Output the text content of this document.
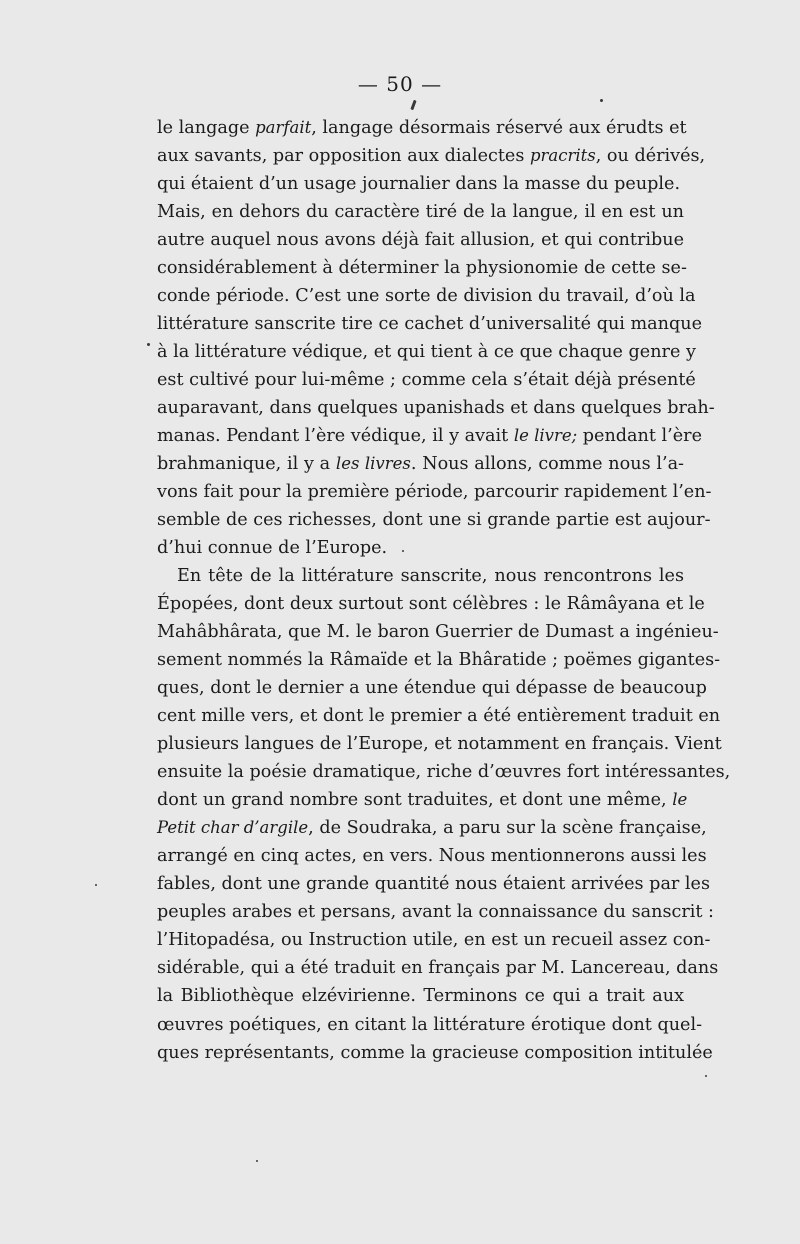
— 50 —
le langage parfait, langage désormais réservé aux érudts et
aux savants, par opposition aux dialectes pracrits, ou dérivés,
qui étaient d’un usage journalier dans la masse du peuple.
Mais, en dehors du caractère tiré de la langue, il en est un
autre auquel nous avons déjà fait allusion, et qui contribue
considérablement à déterminer la physionomie de cette se-
conde période. C’est une sorte de division du travail, d’où la
littérature sanscrite tire ce cachet d’universalité qui manque
à la littérature védique, et qui tient à ce que chaque genre y
est cultivé pour lui-même ; comme cela s’était déjà présenté
auparavant, dans quelques upanishads et dans quelques brah-
manas. Pendant l’ère védique, il y avait le livre; pendant l’ère
brahmanique, il y a les livres. Nous allons, comme nous l’a-
vons fait pour la première période, parcourir rapidement l’en-
semble de ces richesses, dont une si grande partie est aujour-
d’hui connue de l’Europe.
En tête de la littérature sanscrite, nous rencontrons les
Épopées, dont deux surtout sont célèbres : le Râmâyana et le
Mahâbhârata, que M. le baron Guerrier de Dumast a ingénieu-
sement nommés la Râmaïde et la Bhâratide ; poëmes gigantes-
ques, dont le dernier a une étendue qui dépasse de beaucoup
cent mille vers, et dont le premier a été entièrement traduit en
plusieurs langues de l’Europe, et notamment en français. Vient
ensuite la poésie dramatique, riche d’œuvres fort intéressantes,
dont un grand nombre sont traduites, et dont une même, le
Petit char d’argile, de Soudraka, a paru sur la scène française,
arrangé en cinq actes, en vers. Nous mentionnerons aussi les
fables, dont une grande quantité nous étaient arrivées par les
peuples arabes et persans, avant la connaissance du sanscrit :
l’Hitopadésa, ou Instruction utile, en est un recueil assez con-
sidérable, qui a été traduit en français par M. Lancereau, dans
la Bibliothèque elzévirienne. Terminons ce qui a trait aux
œuvres poétiques, en citant la littérature érotique dont quel-
ques représentants, comme la gracieuse composition intitulée
